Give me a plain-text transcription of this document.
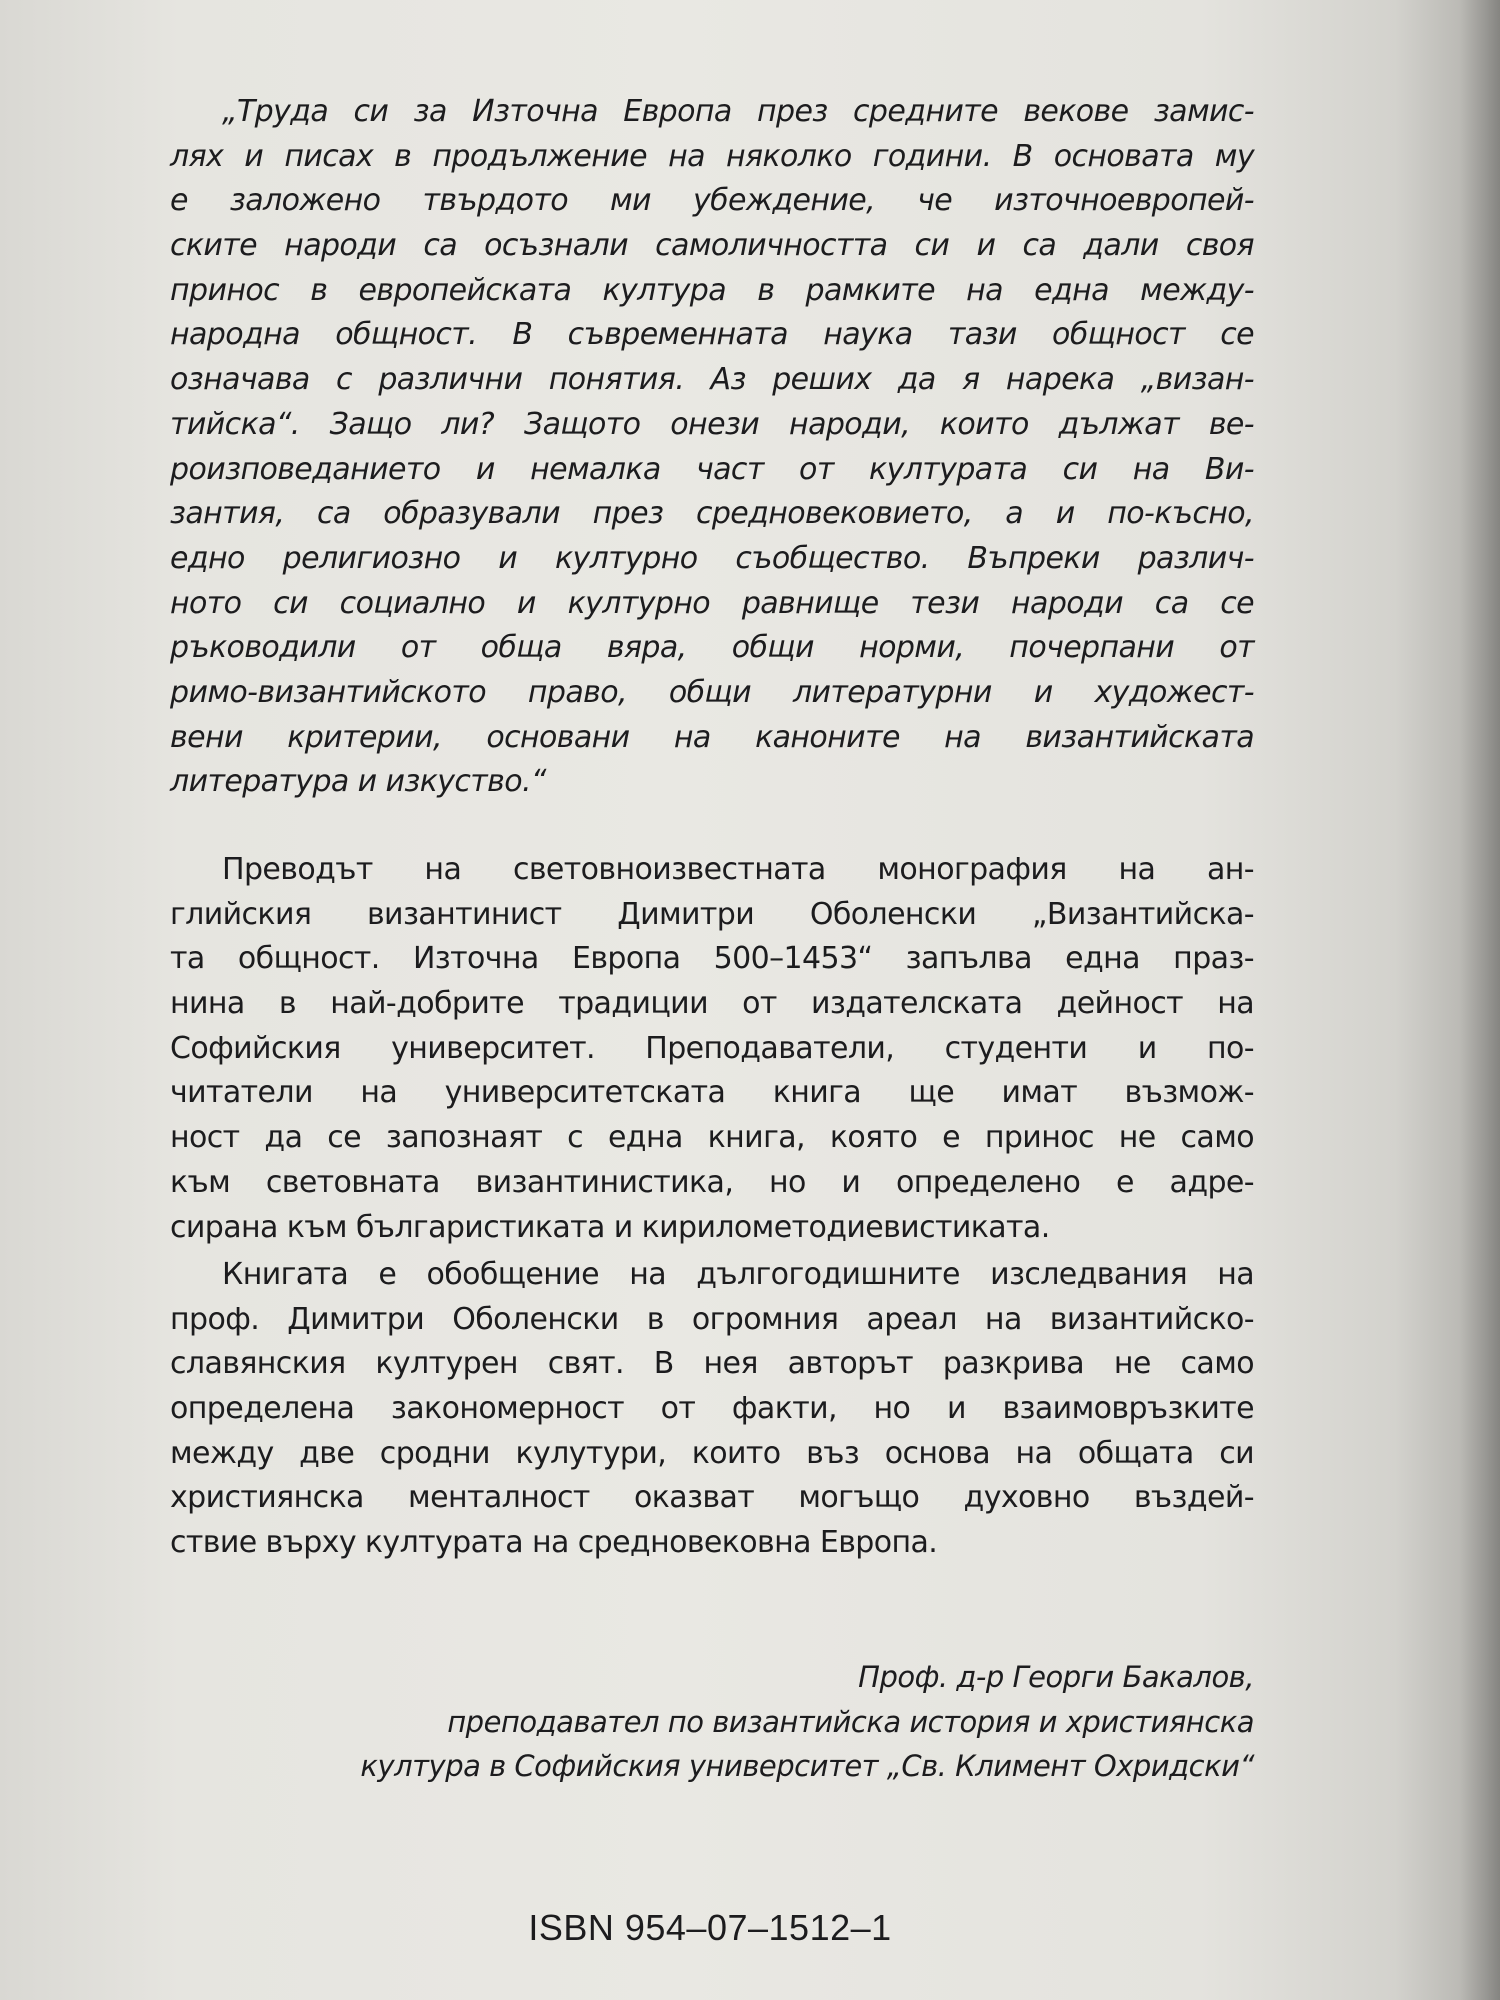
„Труда си за Източна Европа през средните векове замис-
лях и писах в продължение на няколко години. В основата му
е заложено твърдото ми убеждение, че източноевропей-
ските народи са осъзнали самоличността си и са дали своя
принос в европейската култура в рамките на една между-
народна общност. В съвременната наука тази общност се
означава с различни понятия. Аз реших да я нарека „визан-
тийска“. Защо ли? Защото онези народи, които дължат ве-
роизповеданието и немалка част от културата си на Ви-
зантия, са образували през средновековието, а и по-късно,
едно религиозно и културно съобщество. Въпреки различ-
ното си социално и културно равнище тези народи са се
ръководили от обща вяра, общи норми, почерпани от
римо-византийското право, общи литературни и художест-
вени критерии, основани на каноните на византийската
литература и изкуство.“
Преводът на световноизвестната монография на ан-
глийския византинист Димитри Оболенски „Византийска-
та общност. Източна Европа 500–1453“ запълва една праз-
нина в най-добрите традиции от издателската дейност на
Софийския университет. Преподаватели, студенти и по-
читатели на университетската книга ще имат възмож-
ност да се запознаят с една книга, която е принос не само
към световната византинистика, но и определено е адре-
сирана към българистиката и кирилометодиевистиката.
Книгата е обобщение на дългогодишните изследвания на
проф. Димитри Оболенски в огромния ареал на византийско-
славянския културен свят. В нея авторът разкрива не само
определена закономерност от факти, но и взаимовръзките
между две сродни кулутури, които въз основа на общата си
християнска менталност оказват могъщо духовно въздей-
ствие върху културата на средновековна Европа.
Проф. д-р Георги Бакалов,
преподавател по византийска история и християнска
култура в Софийския университет „Св. Климент Охридски“
ISBN 954–07–1512–1
